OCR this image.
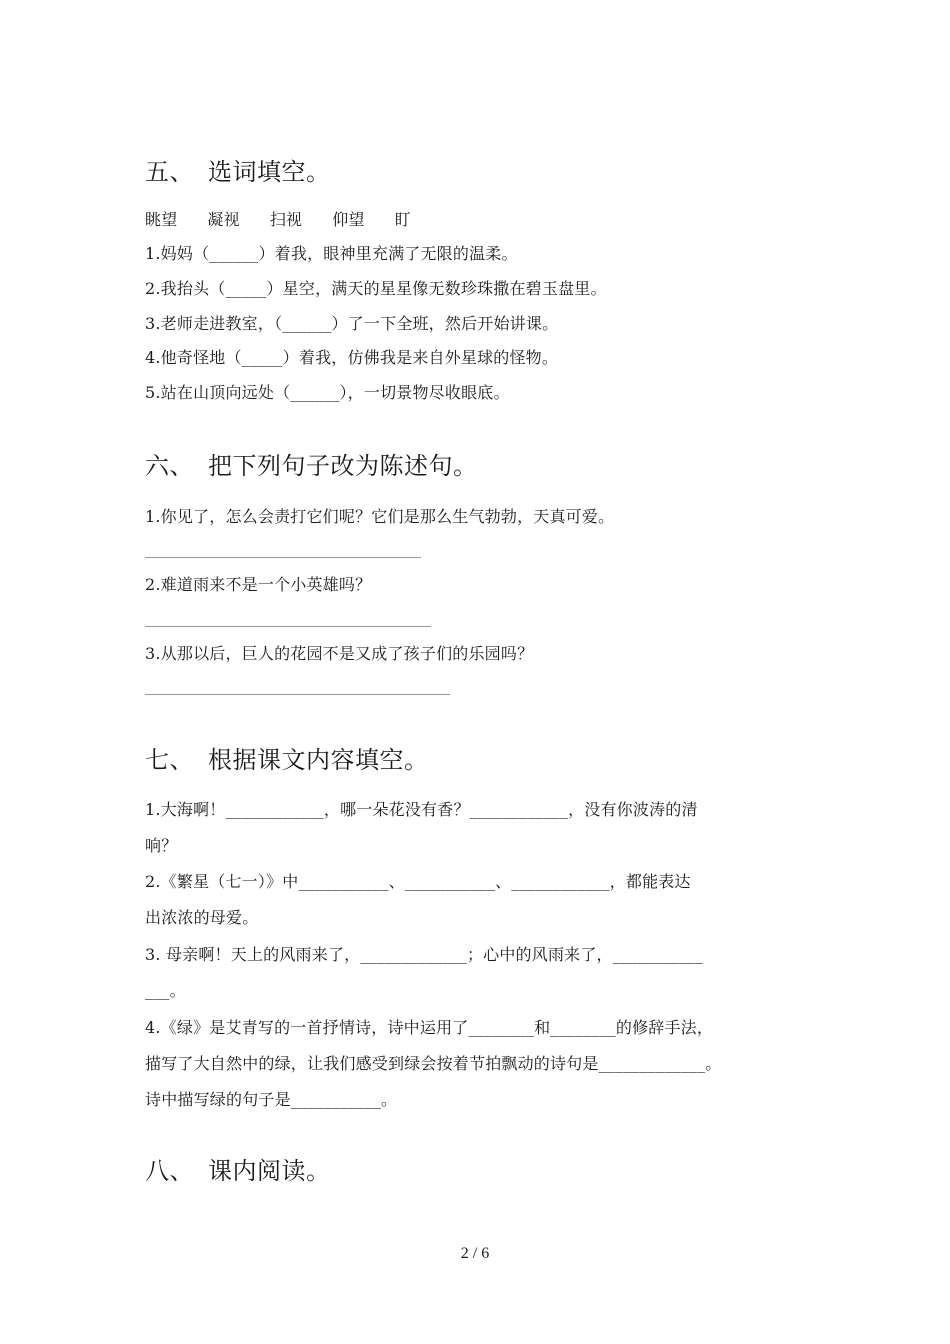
五、 选词填空。
眺望 凝视 扫视 仰望 盯
1.妈妈（______）着我，眼神里充满了无限的温柔。
2.我抬头（_____）星空，满天的星星像无数珍珠撒在碧玉盘里。
3.老师走进教室，（______）了一下全班，然后开始讲课。
4.他奇怪地（_____）着我，仿佛我是来自外星球的怪物。
5.站在山顶向远处（______），一切景物尽收眼底。
六、 把下列句子改为陈述句。
1.你见了，怎么会责打它们呢？它们是那么生气勃勃，天真可爱。
2.难道雨来不是一个小英雄吗？
3.从那以后，巨人的花园不是又成了孩子们的乐园吗？
七、 根据课文内容填空。
1.大海啊！____________，哪一朵花没有香？____________，没有你波涛的清
响？
2.《繁星（七一）》中___________、___________、____________，都能表达
出浓浓的母爱。
3. 母亲啊！天上的风雨来了，_____________；心中的风雨来了，___________
___。
4.《绿》是艾青写的一首抒情诗，诗中运用了________和________的修辞手法，
描写了大自然中的绿，让我们感受到绿会按着节拍飘动的诗句是_____________。
诗中描写绿的句子是___________。
八、 课内阅读。
2 / 6
